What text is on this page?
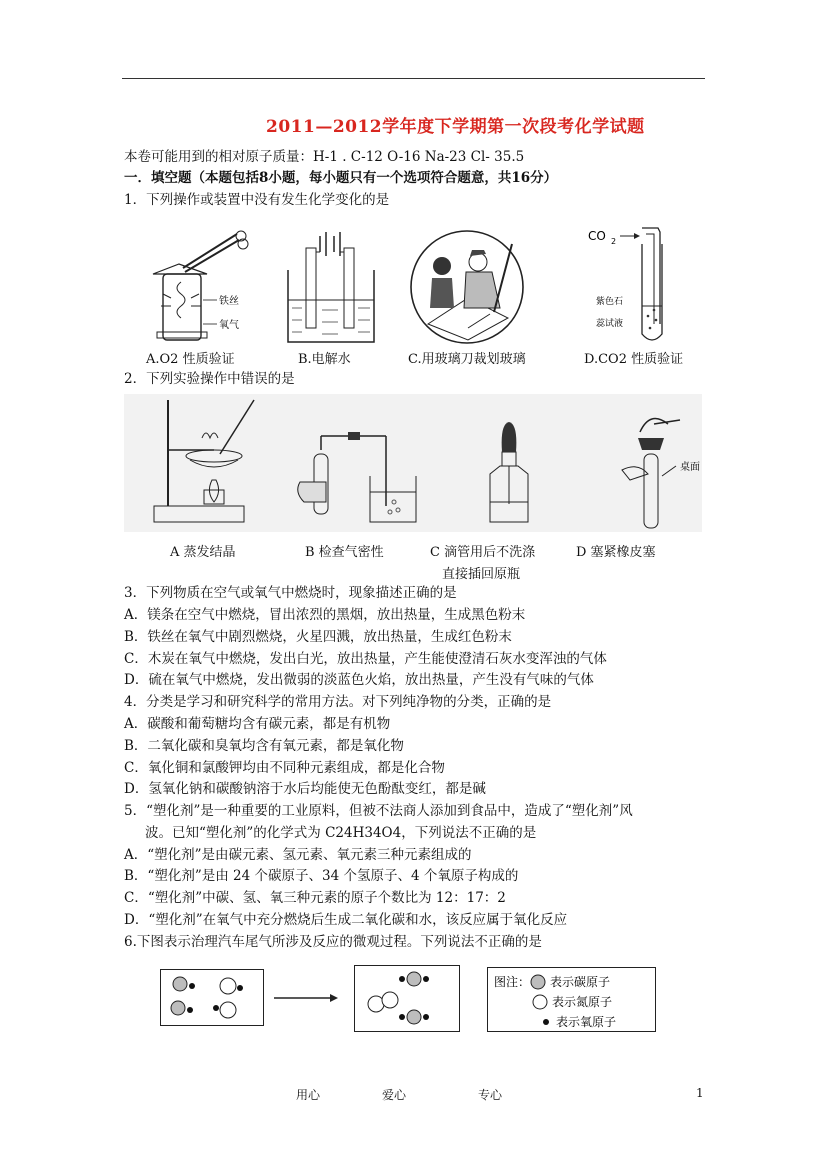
2011—2012学年度下学期第一次段考化学试题
本卷可能用到的相对原子质量：H-1 . C-12 O-16 Na-23 Cl- 35.5
一．填空题（本题包括8小题，每小题只有一个选项符合题意，共16分）
1．下列操作或装置中没有发生化学变化的是
铁丝
氧气
CO 2
紫色石
蕊试液
A.O2 性质验证	B.电解水	C.用玻璃刀裁划玻璃	D.CO2 性质验证
2．下列实验操作中错误的是
桌面
A 蒸发结晶	B 检查气密性	C 滴管用后不洗涤	D 塞紧橡皮塞
直接插回原瓶
3．下列物质在空气或氧气中燃烧时，现象描述正确的是
A．镁条在空气中燃烧，冒出浓烈的黑烟，放出热量，生成黑色粉末
B．铁丝在氧气中剧烈燃烧，火星四溅，放出热量，生成红色粉末
C．木炭在氧气中燃烧，发出白光，放出热量，产生能使澄清石灰水变浑浊的气体
D．硫在氧气中燃烧，发出微弱的淡蓝色火焰，放出热量，产生没有气味的气体
4．分类是学习和研究科学的常用方法。对下列纯净物的分类，正确的是
A．碳酸和葡萄糖均含有碳元素，都是有机物
B．二氧化碳和臭氧均含有氧元素，都是氧化物
C．氧化铜和氯酸钾均由不同种元素组成，都是化合物
D．氢氧化钠和碳酸钠溶于水后均能使无色酚酞变红，都是碱
5．“塑化剂”是一种重要的工业原料，但被不法商人添加到食品中，造成了“塑化剂”风
波。已知“塑化剂”的化学式为 C24H34O4，下列说法不正确的是
A．“塑化剂”是由碳元素、氢元素、氧元素三种元素组成的
B．“塑化剂”是由 24 个碳原子、34 个氢原子、4 个氧原子构成的
C．“塑化剂”中碳、氢、氧三种元素的原子个数比为 12：17：2
D．“塑化剂”在氧气中充分燃烧后生成二氧化碳和水，该反应属于氧化反应
6.下图表示治理汽车尾气所涉及反应的微观过程。下列说法不正确的是
图注： 表示碳原子
表示氮原子
表示氧原子
用心	爱心	专心	1
